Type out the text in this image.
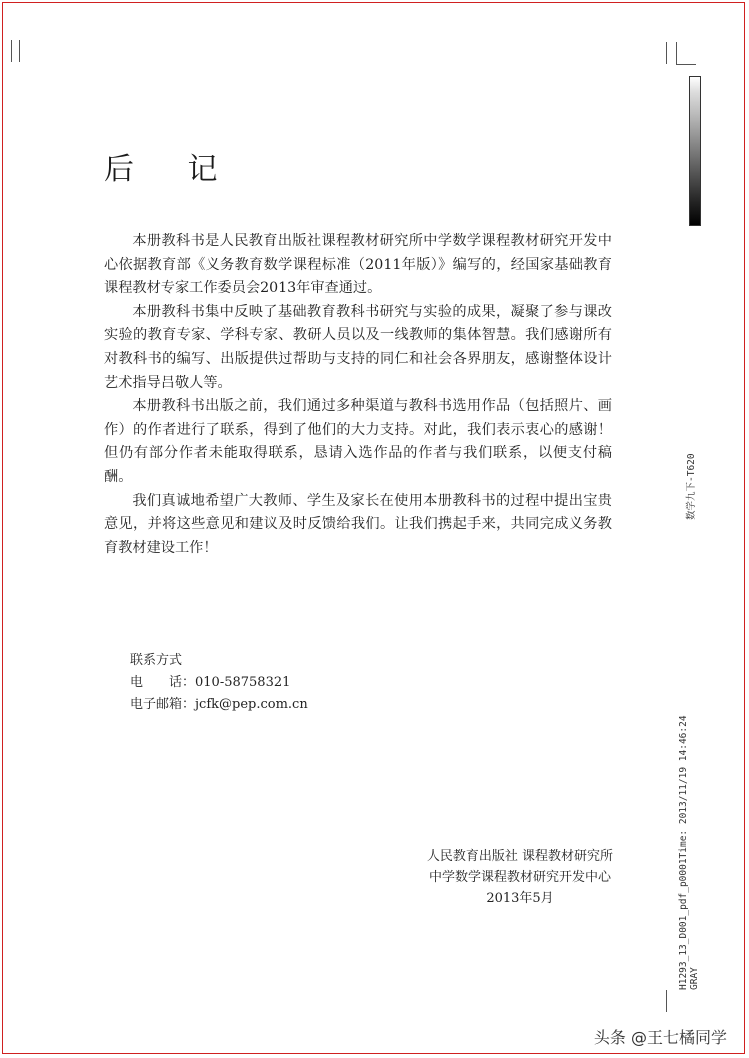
后 记

本册教科书是人民教育出版社课程教材研究所中学数学课程教材研究开发中心依据教育部《义务教育数学课程标准（2011年版）》编写的，经国家基础教育课程教材专家工作委员会2013年审查通过。

本册教科书集中反映了基础教育教科书研究与实验的成果，凝聚了参与课改实验的教育专家、学科专家、教研人员以及一线教师的集体智慧。我们感谢所有对教科书的编写、出版提供过帮助与支持的同仁和社会各界朋友，感谢整体设计艺术指导吕敬人等。

本册教科书出版之前，我们通过多种渠道与教科书选用作品（包括照片、画作）的作者进行了联系，得到了他们的大力支持。对此，我们表示衷心的感谢！但仍有部分作者未能取得联系，恳请入选作品的作者与我们联系，以便支付稿酬。

我们真诚地希望广大教师、学生及家长在使用本册教科书的过程中提出宝贵意见，并将这些意见和建议及时反馈给我们。让我们携起手来，共同完成义务教育教材建设工作！

联系方式
电　　话： 010-58758321
电子邮箱： jcfk@pep.com.cn
人民教育出版社 课程教材研究所
中学数学课程教材研究开发中心
2013年5月
数学九下-T620
H1293_13_D001_pdf_p0001Time: 2013/11/19 14:46:24 GRAY
头条 @王七橘同学
